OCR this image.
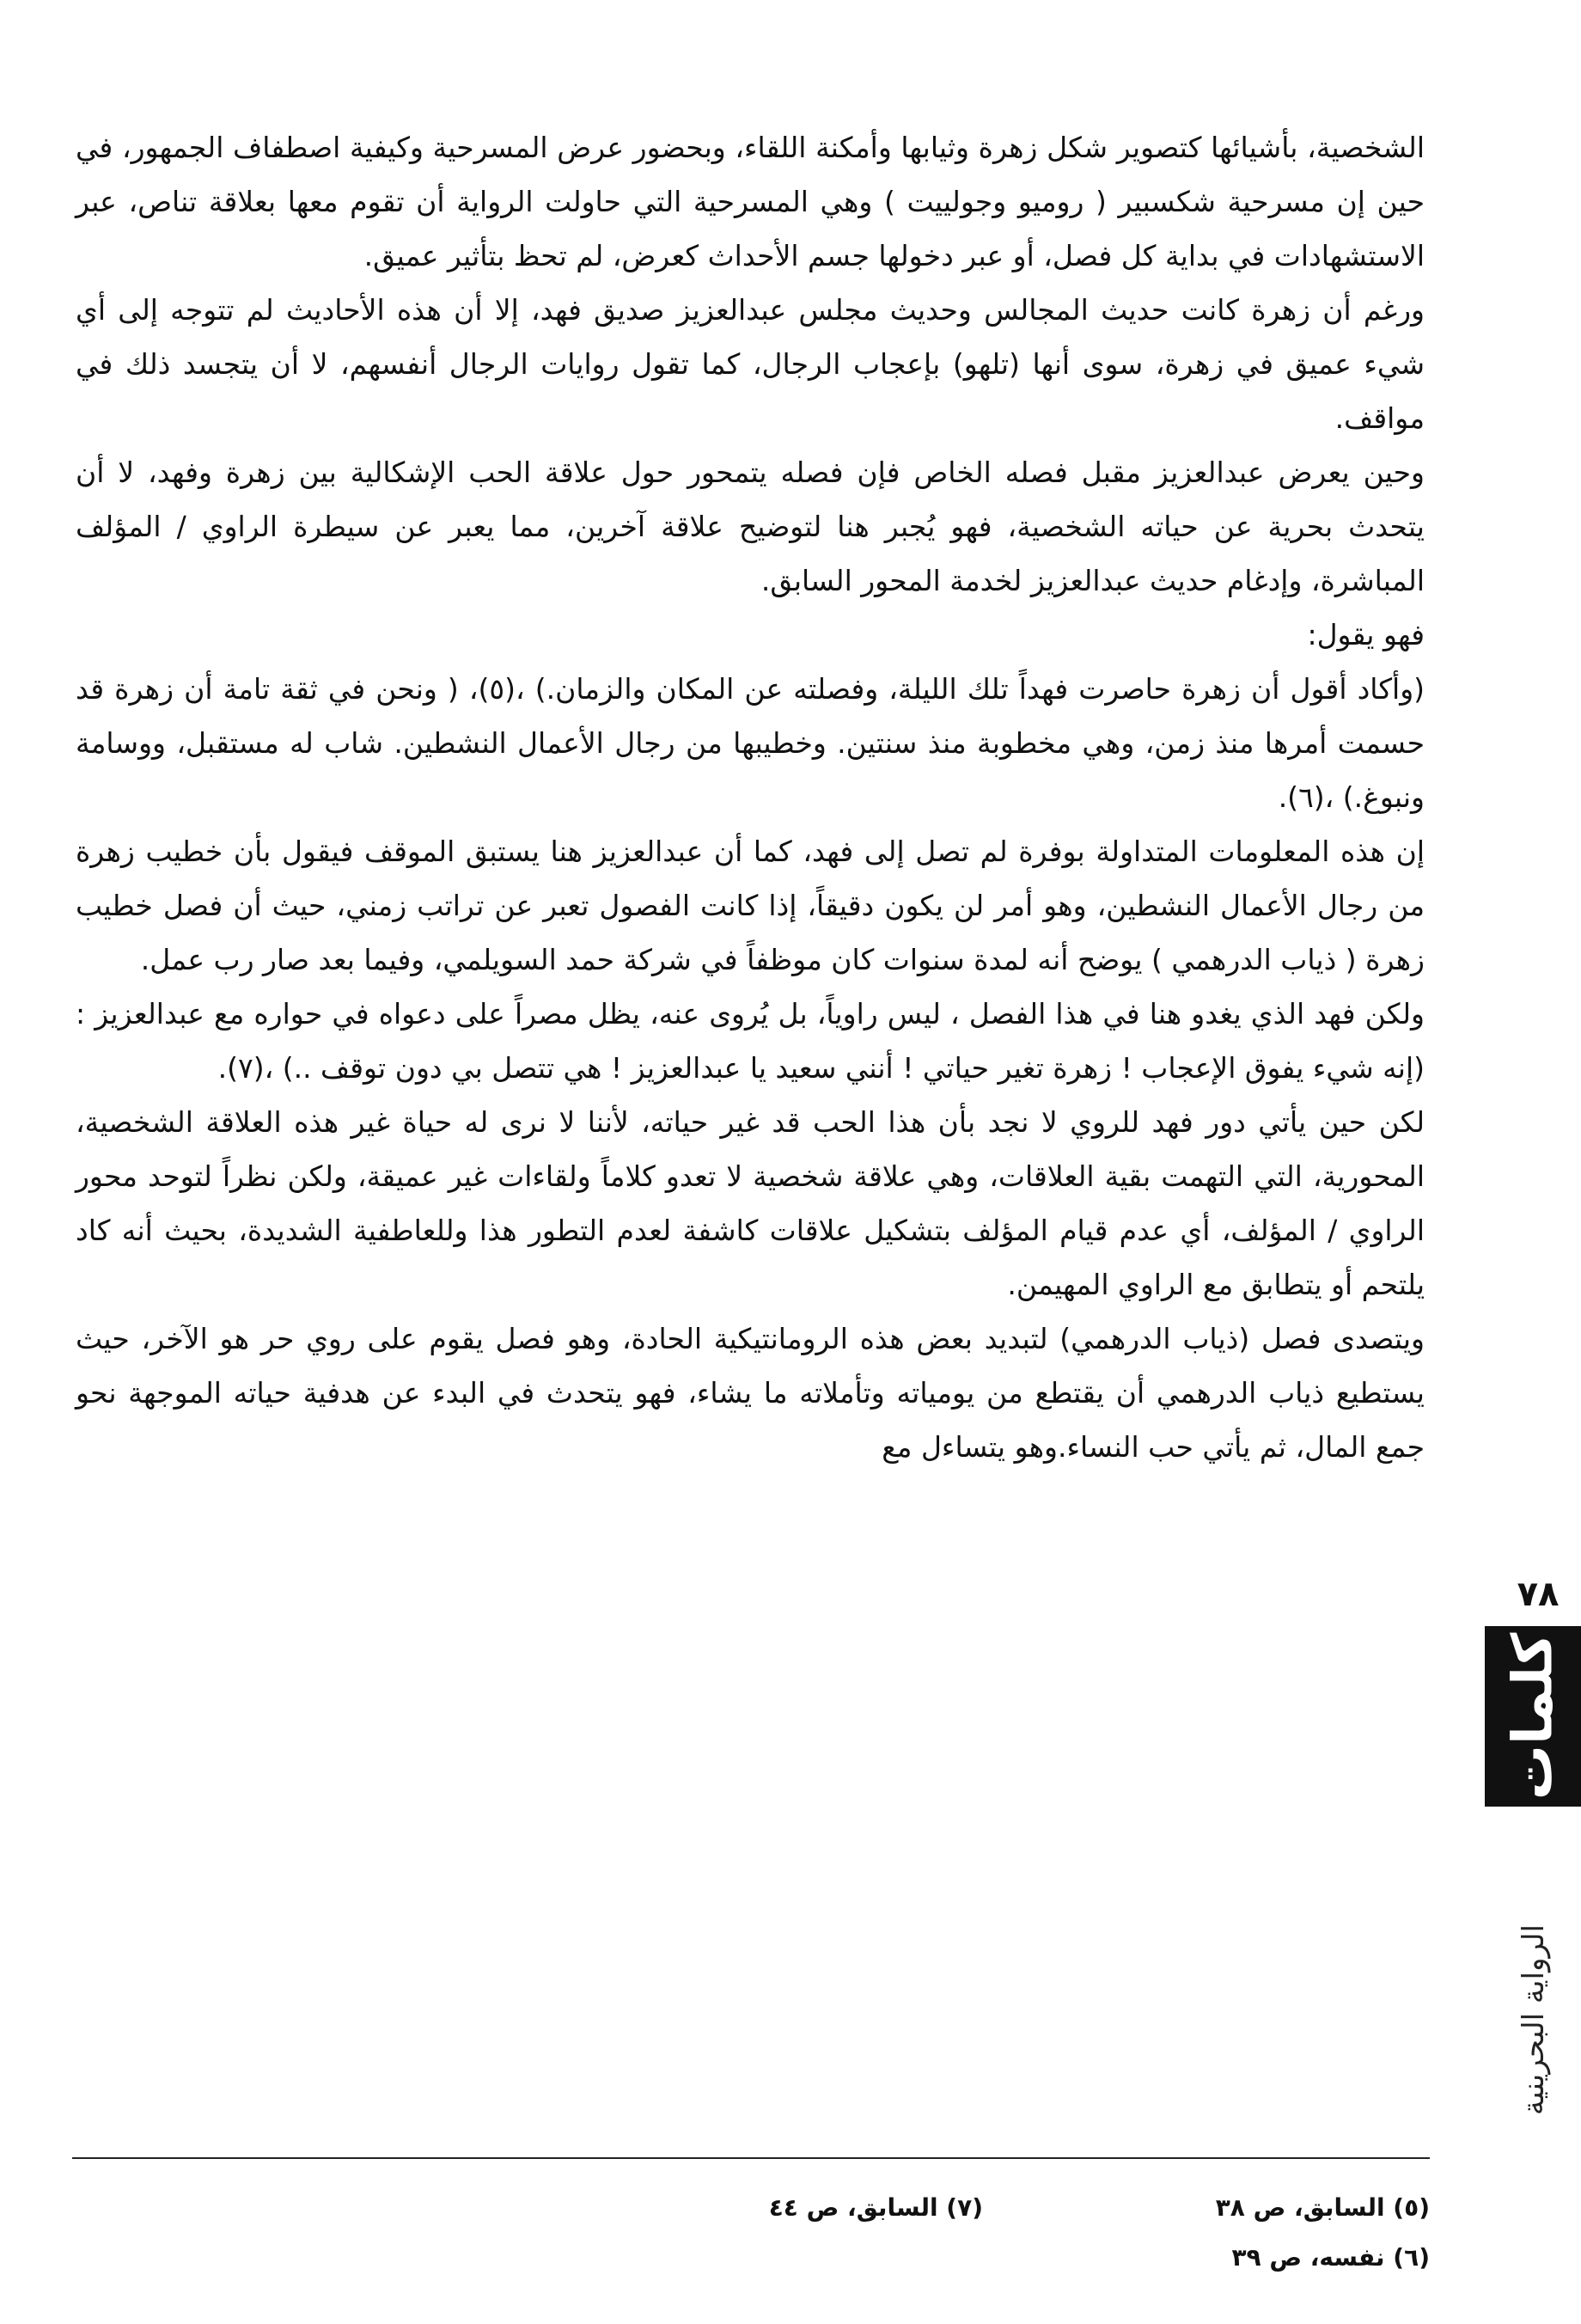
الشخصية، بأشيائها كتصوير شكل زهرة وثيابها وأمكنة اللقاء، وبحضور عرض المسرحية وكيفية اصطفاف الجمهور، في حين إن مسرحية شكسبير ( روميو وجولييت ) وهي المسرحية التي حاولت الرواية أن تقوم معها بعلاقة تناص، عبر الاستشهادات في بداية كل فصل، أو عبر دخولها جسم الأحداث كعرض، لم تحظ بتأثير عميق.

ورغم أن زهرة كانت حديث المجالس وحديث مجلس عبدالعزيز صديق فهد، إلا أن هذه الأحاديث لم تتوجه إلى أي شيء عميق في زهرة، سوى أنها (تلهو) بإعجاب الرجال، كما تقول روايات الرجال أنفسهم، لا أن يتجسد ذلك في مواقف.

وحين يعرض عبدالعزيز مقبل فصله الخاص فإن فصله يتمحور حول علاقة الحب الإشكالية بين زهرة وفهد، لا أن يتحدث بحرية عن حياته الشخصية، فهو يُجبر هنا لتوضيح علاقة آخرين، مما يعبر عن سيطرة الراوي / المؤلف المباشرة، وإدغام حديث عبدالعزيز لخدمة المحور السابق.

فهو يقول:

(وأكاد أقول أن زهرة حاصرت فهداً تلك الليلة، وفصلته عن المكان والزمان.) ،(٥)، ( ونحن في ثقة تامة أن زهرة قد حسمت أمرها منذ زمن، وهي مخطوبة منذ سنتين. وخطيبها من رجال الأعمال النشطين. شاب له مستقبل، ووسامة ونبوغ.) ،(٦).

إن هذه المعلومات المتداولة بوفرة لم تصل إلى فهد، كما أن عبدالعزيز هنا يستبق الموقف فيقول بأن خطيب زهرة من رجال الأعمال النشطين، وهو أمر لن يكون دقيقاً، إذا كانت الفصول تعبر عن تراتب زمني، حيث أن فصل خطيب زهرة ( ذياب الدرهمي ) يوضح أنه لمدة سنوات كان موظفاً في شركة حمد السويلمي، وفيما بعد صار رب عمل.

ولكن فهد الذي يغدو هنا في هذا الفصل ، ليس راوياً، بل يُروى عنه، يظل مصراً على دعواه في حواره مع عبدالعزيز : (إنه شيء يفوق الإعجاب ! زهرة تغير حياتي ! أنني سعيد يا عبدالعزيز ! هي تتصل بي دون توقف ..) ،(٧).

لكن حين يأتي دور فهد للروي لا نجد بأن هذا الحب قد غير حياته، لأننا لا نرى له حياة غير هذه العلاقة الشخصية، المحورية، التي التهمت بقية العلاقات، وهي علاقة شخصية لا تعدو كلاماً ولقاءات غير عميقة، ولكن نظراً لتوحد محور الراوي / المؤلف، أي عدم قيام المؤلف بتشكيل علاقات كاشفة لعدم التطور هذا وللعاطفية الشديدة، بحيث أنه كاد يلتحم أو يتطابق مع الراوي المهيمن.

ويتصدى فصل (ذياب الدرهمي) لتبديد بعض هذه الرومانتيكية الحادة، وهو فصل يقوم على روي حر هو الآخر، حيث يستطيع ذياب الدرهمي أن يقتطع من يومياته وتأملاته ما يشاء، فهو يتحدث في البدء عن هدفية حياته الموجهة نحو جمع المال، ثم يأتي حب النساء.وهو يتساءل مع

٧٨
كلمات
الرواية البحرينية
(٥) السابق، ص ٣٨
(٧) السابق، ص ٤٤
(٦) نفسه، ص ٣٩
